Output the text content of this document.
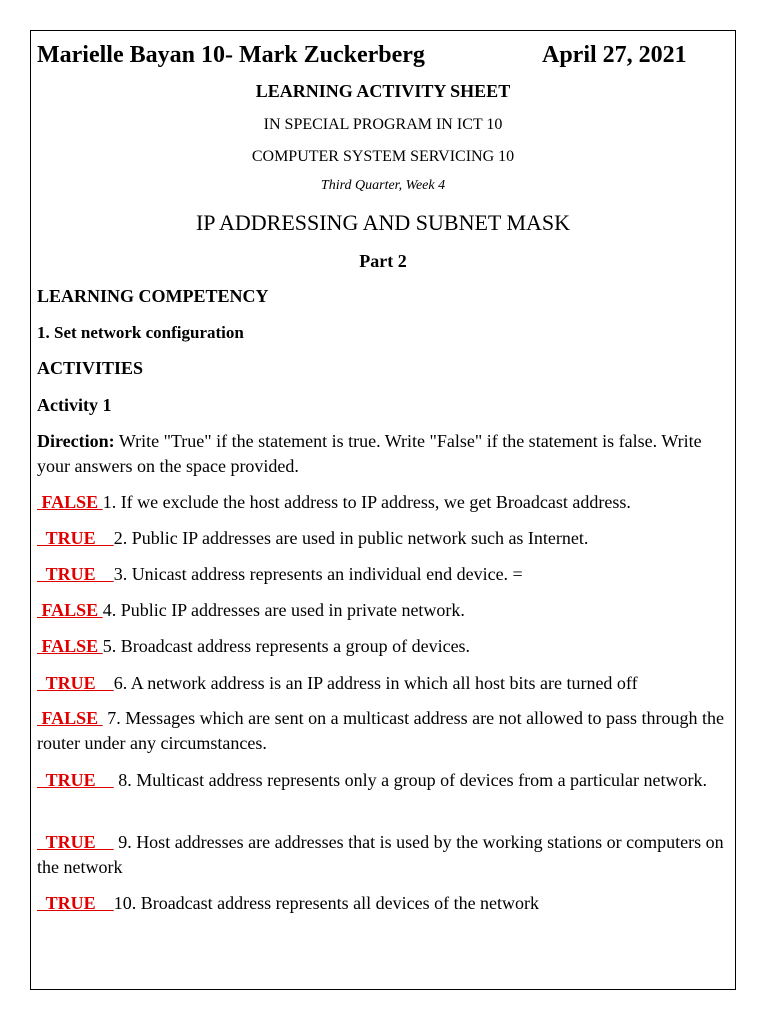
Marielle Bayan 10- Mark Zuckerberg	April 27, 2021
LEARNING ACTIVITY SHEET
IN SPECIAL PROGRAM IN ICT 10
COMPUTER SYSTEM SERVICING 10
Third Quarter, Week 4
IP ADDRESSING AND SUBNET MASK
Part 2
LEARNING COMPETENCY
1. Set network configuration
ACTIVITIES
Activity 1
Direction: Write "True" if the statement is true. Write "False" if the statement is false. Write your answers on the space provided.
FALSE 1. If we exclude the host address to IP address, we get Broadcast address.
TRUE    2. Public IP addresses are used in public network such as Internet.
TRUE    3. Unicast address represents an individual end device. =
FALSE 4. Public IP addresses are used in private network.
FALSE 5. Broadcast address represents a group of devices.
TRUE    6. A network address is an IP address in which all host bits are turned off
FALSE  7. Messages which are sent on a multicast address are not allowed to pass through the router under any circumstances.
TRUE     8. Multicast address represents only a group of devices from a particular network.
TRUE     9. Host addresses are addresses that is used by the working stations or computers on the network
TRUE    10. Broadcast address represents all devices of the network
